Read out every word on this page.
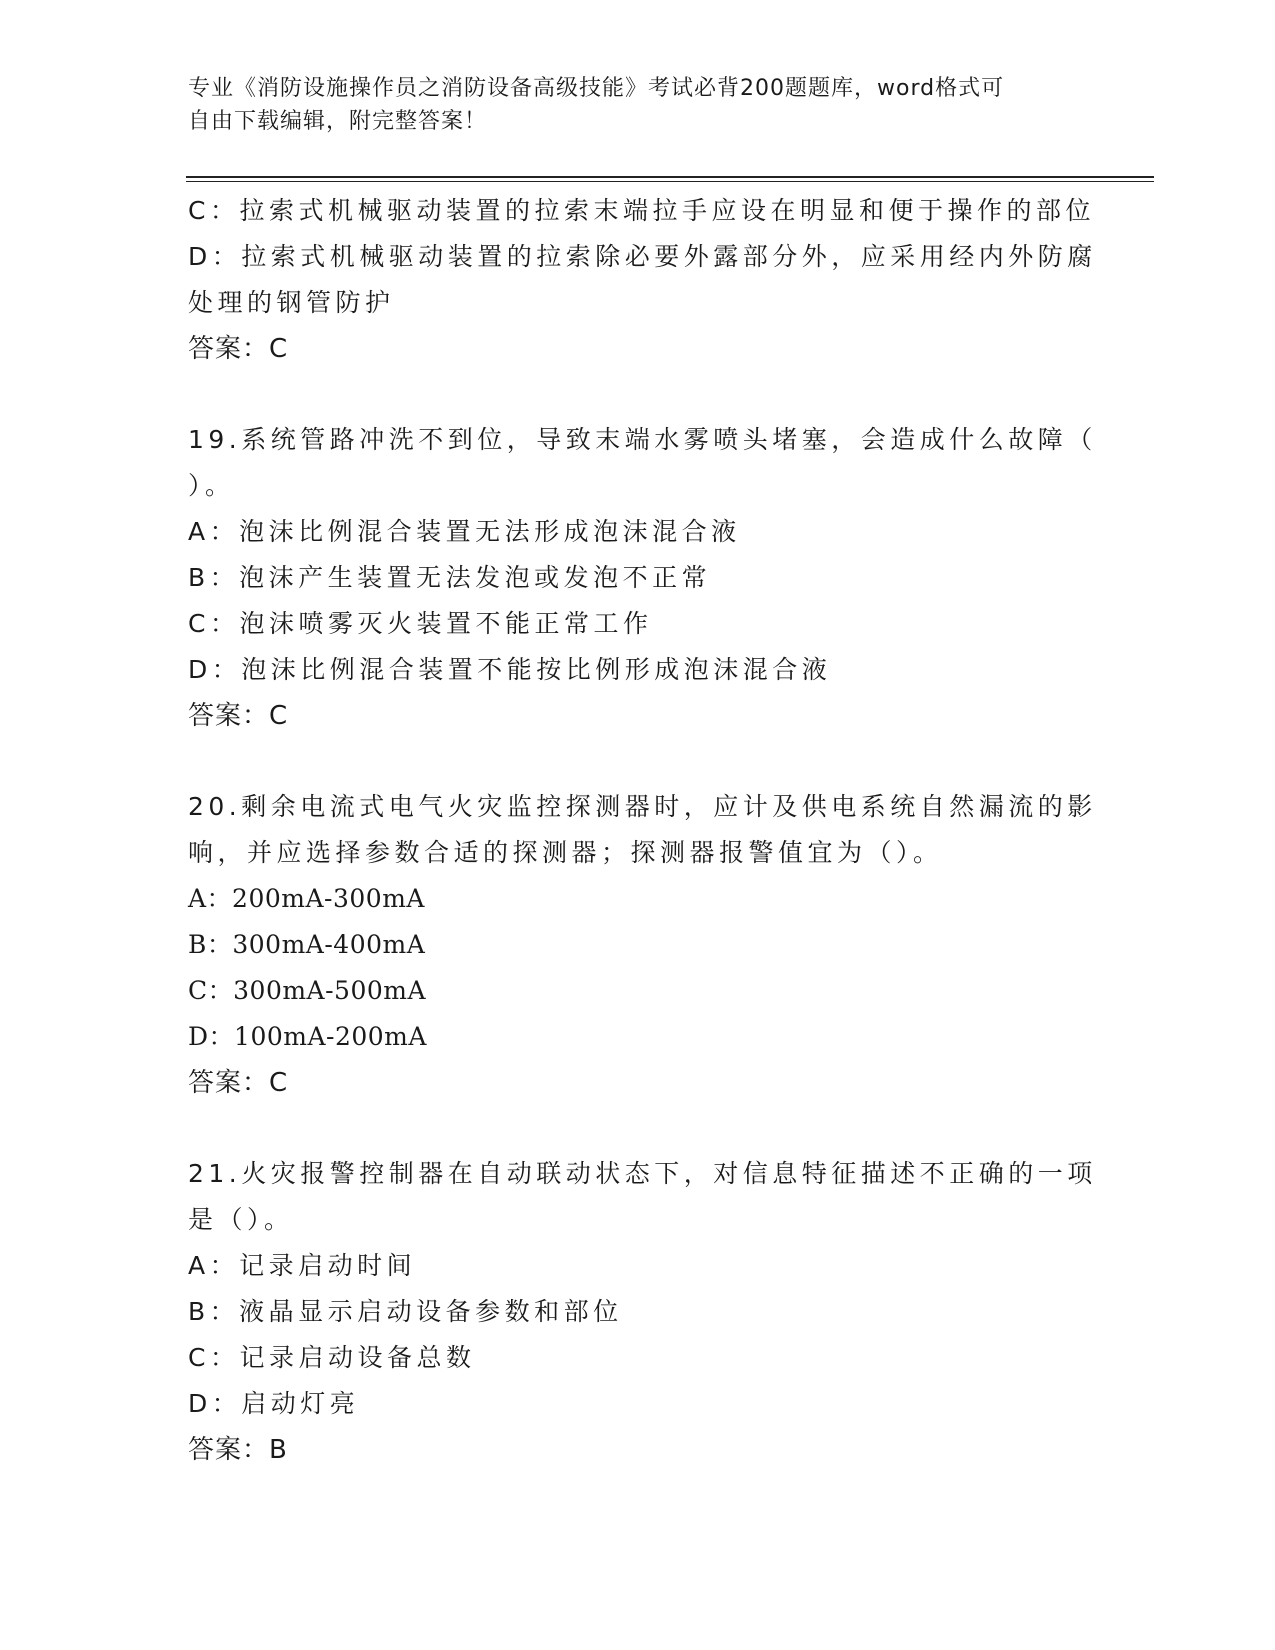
专业《消防设施操作员之消防设备高级技能》考试必背200题题库，word格式可
自由下载编辑，附完整答案！
C：拉索式机械驱动装置的拉索末端拉手应设在明显和便于操作的部位
D：拉索式机械驱动装置的拉索除必要外露部分外，应采用经内外防腐
处理的钢管防护
答案：C
19.系统管路冲洗不到位，导致末端水雾喷头堵塞，会造成什么故障（
）。
A：泡沫比例混合装置无法形成泡沫混合液
B：泡沫产生装置无法发泡或发泡不正常
C：泡沫喷雾灭火装置不能正常工作
D：泡沫比例混合装置不能按比例形成泡沫混合液
答案：C
20.剩余电流式电气火灾监控探测器时，应计及供电系统自然漏流的影
响，并应选择参数合适的探测器；探测器报警值宜为（）。
A：200mA-300mA
B：300mA-400mA
C：300mA-500mA
D：100mA-200mA
答案：C
21.火灾报警控制器在自动联动状态下，对信息特征描述不正确的一项
是（）。
A：记录启动时间
B：液晶显示启动设备参数和部位
C：记录启动设备总数
D：启动灯亮
答案：B
